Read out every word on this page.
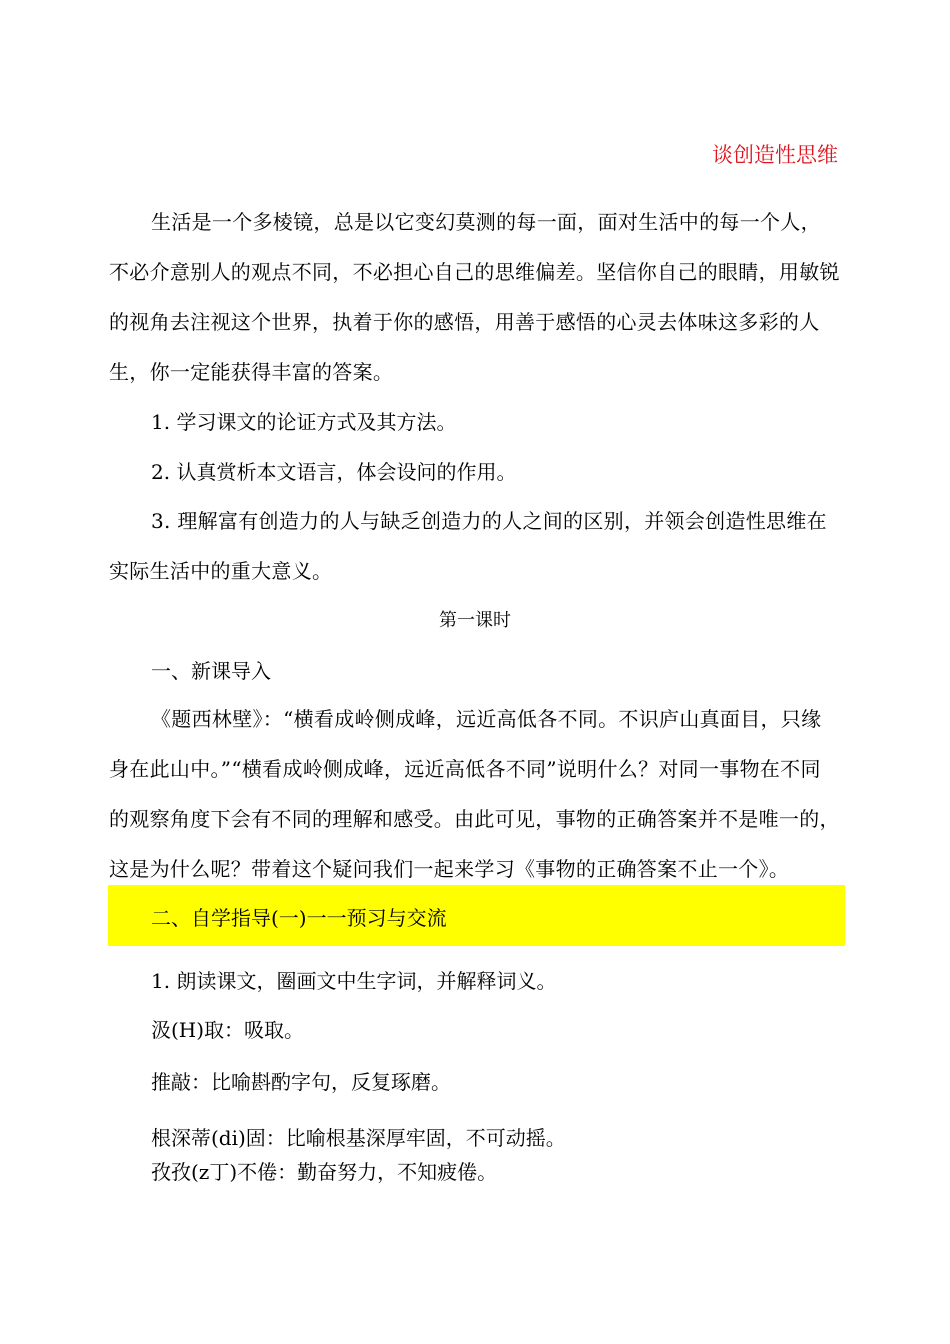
谈创造性思维

生活是一个多棱镜，总是以它变幻莫测的每一面，面对生活中的每一个人，不必介意别人的观点不同，不必担心自己的思维偏差。坚信你自己的眼睛，用敏锐的视角去注视这个世界，执着于你的感悟，用善于感悟的心灵去体味这多彩的人生，你一定能获得丰富的答案。

1. 学习课文的论证方式及其方法。

2. 认真赏析本文语言，体会设问的作用。

3. 理解富有创造力的人与缺乏创造力的人之间的区别，并领会创造性思维在实际生活中的重大意义。

第一课时

一、新课导入

《题西林壁》：“横看成岭侧成峰，远近高低各不同。不识庐山真面目，只缘身在此山中。”“横看成岭侧成峰，远近高低各不同”说明什么？对同一事物在不同的观察角度下会有不同的理解和感受。由此可见，事物的正确答案并不是唯一的，这是为什么呢？带着这个疑问我们一起来学习《事物的正确答案不止一个》。

二、自学指导(一)一一预习与交流

1. 朗读课文，圈画文中生字词，并解释词义。

汲(H)取：吸取。

推敲：比喻斟酌字句，反复琢磨。

根深蒂(di)固：比喻根基深厚牢固，不可动摇。

孜孜(z丁)不倦：勤奋努力，不知疲倦。
